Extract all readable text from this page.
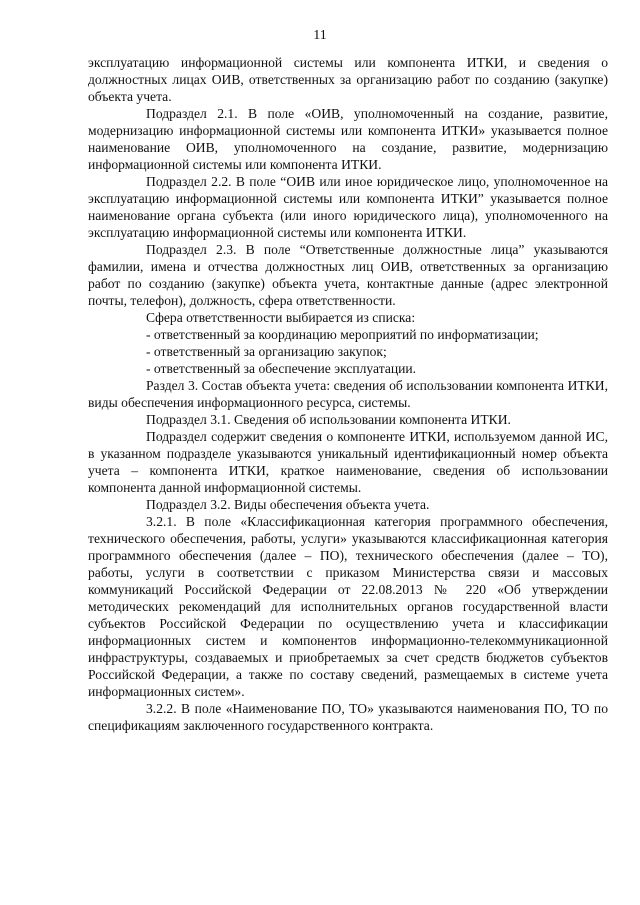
11

эксплуатацию информационной системы или компонента ИТКИ, и сведения о должностных лицах ОИВ, ответственных за организацию работ по созданию (закупке) объекта учета.

Подраздел 2.1. В поле «ОИВ, уполномоченный на создание, развитие, модернизацию информационной системы или компонента ИТКИ» указывается полное наименование ОИВ, уполномоченного на создание, развитие, модернизацию информационной системы или компонента ИТКИ.

Подраздел 2.2. В поле “ОИВ или иное юридическое лицо, уполномоченное на эксплуатацию информационной системы или компонента ИТКИ” указывается полное наименование органа субъекта (или иного юридического лица), уполномоченного на эксплуатацию информационной системы или компонента ИТКИ.

Подраздел 2.3. В поле “Ответственные должностные лица” указываются фамилии, имена и отчества должностных лиц ОИВ, ответственных за организацию работ по созданию (закупке) объекта учета, контактные данные (адрес электронной почты, телефон), должность, сфера ответственности.

Сфера ответственности выбирается из списка:

- ответственный за координацию мероприятий по информатизации;

- ответственный за организацию закупок;

- ответственный за обеспечение эксплуатации.

Раздел 3. Состав объекта учета: сведения об использовании компонента ИТКИ, виды обеспечения информационного ресурса, системы.

Подраздел 3.1. Сведения об использовании компонента ИТКИ.

Подраздел содержит сведения о компоненте ИТКИ, используемом данной ИС, в указанном подразделе указываются уникальный идентификационный номер объекта учета – компонента ИТКИ, краткое наименование, сведения об использовании компонента данной информационной системы.

Подраздел 3.2. Виды обеспечения объекта учета.

3.2.1. В поле «Классификационная категория программного обеспечения, технического обеспечения, работы, услуги» указываются классификационная категория программного обеспечения (далее – ПО), технического обеспечения (далее – ТО), работы, услуги в соответствии с приказом Министерства связи и массовых коммуникаций Российской Федерации от 22.08.2013 № 220 «Об утверждении методических рекомендаций для исполнительных органов государственной власти субъектов Российской Федерации по осуществлению учета и классификации информационных систем и компонентов информационно-телекоммуникационной инфраструктуры, создаваемых и приобретаемых за счет средств бюджетов субъектов Российской Федерации, а также по составу сведений, размещаемых в системе учета информационных систем».

3.2.2. В поле «Наименование ПО, ТО» указываются наименования ПО, ТО по спецификациям заключенного государственного контракта.
